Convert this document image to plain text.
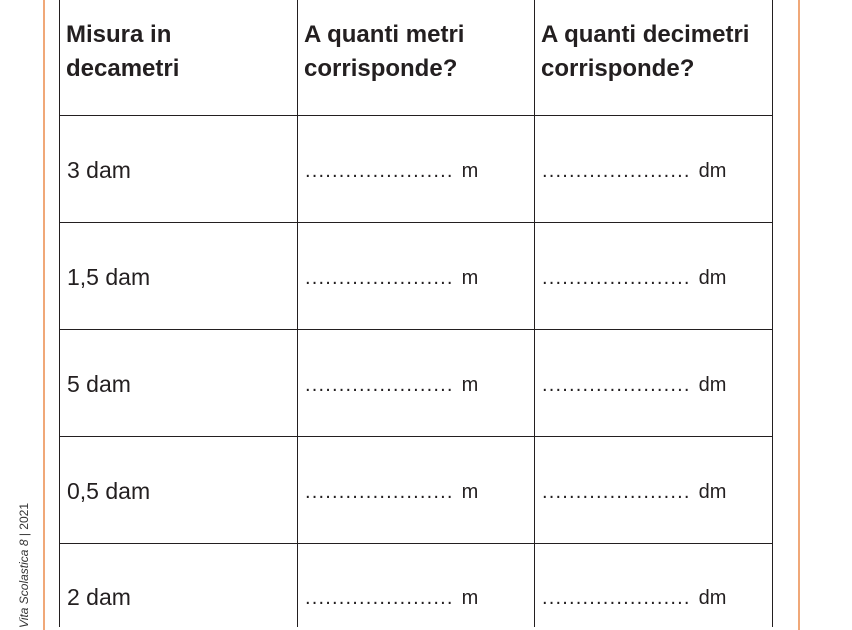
Vita Scolastica 8 | 2021
Misura in decametri	A quanti metri corrisponde?	A quanti decimetri corrisponde?

3 dam	...................... m	...................... dm

1,5 dam	...................... m	...................... dm

5 dam	...................... m	...................... dm

0,5 dam	...................... m	...................... dm

2 dam	...................... m	...................... dm
